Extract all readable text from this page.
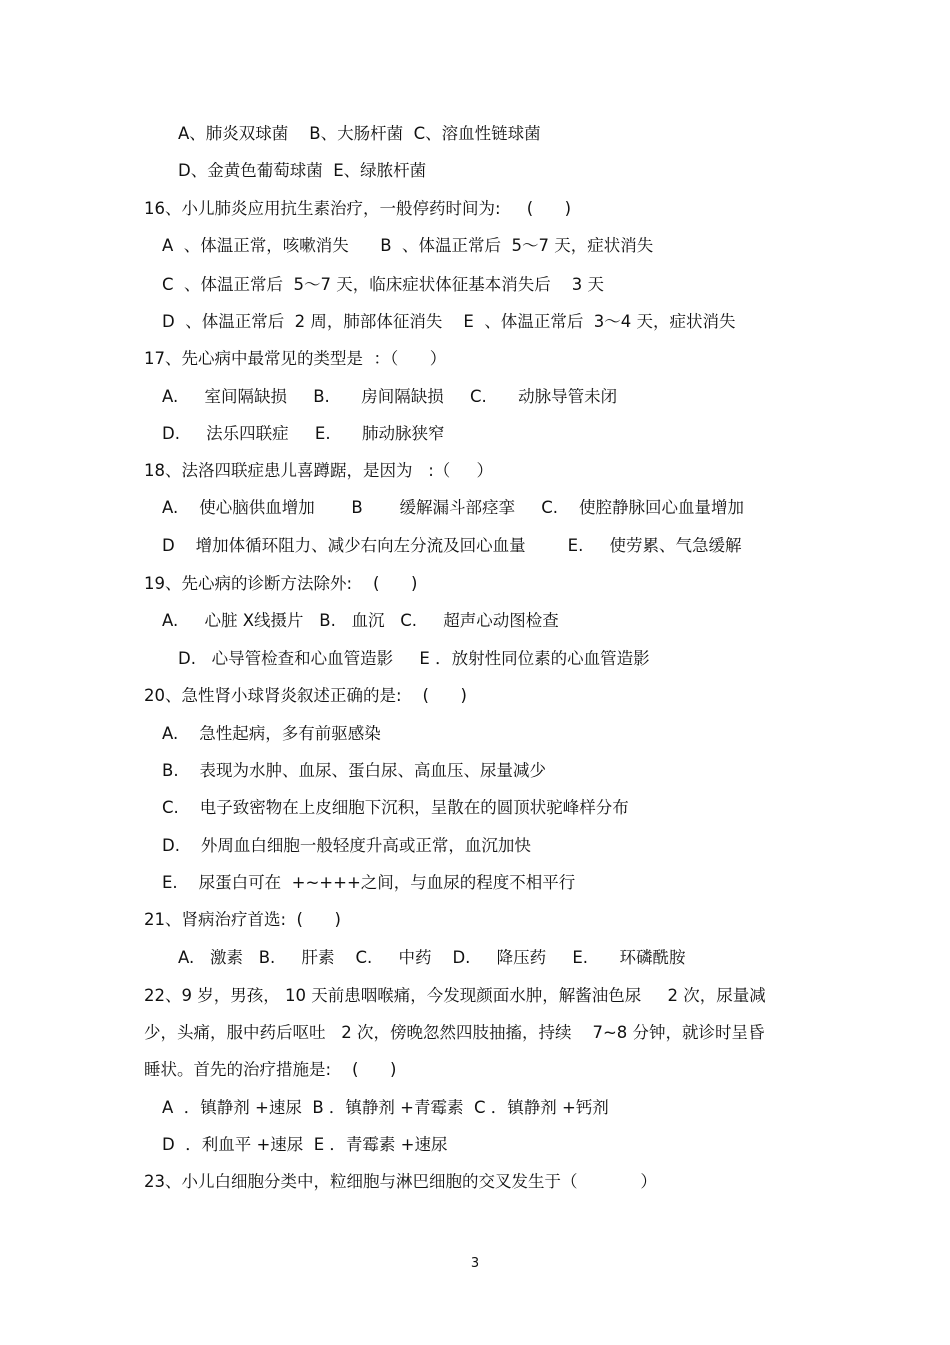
A、肺炎双球菌    B、大肠杆菌  C、溶血性链球菌
D、金黄色葡萄球菌  E、绿脓杆菌
16、小儿肺炎应用抗生素治疗，一般停药时间为:     (      )
A  、体温正常，咳嗽消失      B  、体温正常后  5～7 天，症状消失
C  、体温正常后  5～7 天，临床症状体征基本消失后    3 天
D  、体温正常后  2 周，肺部体征消失    E  、体温正常后  3～4 天，症状消失
17、先心病中最常见的类型是  ：（      ）
A.     室间隔缺损     B.      房间隔缺损     C.      动脉导管未闭
D.     法乐四联症     E.      肺动脉狭窄
18、法洛四联症患儿喜蹲踞，是因为   :（     ）
A.    使心脑供血增加       B       缓解漏斗部痉挛     C.    使腔静脉回心血量增加
D    增加体循环阻力、减少右向左分流及回心血量        E.     使劳累、气急缓解
19、先心病的诊断方法除外:    (      )
A.     心脏 X线摄片   B.   血沉   C.     超声心动图检查
D.   心导管检查和心血管造影     E ．放射性同位素的心血管造影
20、急性肾小球肾炎叙述正确的是:    (      )
A.    急性起病，多有前驱感染
B.    表现为水肿、血尿、蛋白尿、高血压、尿量减少
C.    电子致密物在上皮细胞下沉积，呈散在的圆顶状驼峰样分布
D.    外周血白细胞一般轻度升高或正常，血沉加快
E.    尿蛋白可在  +~+++之间，与血尿的程度不相平行
21、肾病治疗首选:  (      )
A.   激素   B.     肝素    C.     中药    D.     降压药     E.      环磷酰胺
22、9 岁，男孩， 10 天前患咽喉痛，今发现颜面水肿，解酱油色尿     2 次，尿量减
少，头痛，服中药后呕吐   2 次，傍晚忽然四肢抽搐，持续    7~8 分钟，就诊时呈昏
睡状。首先的治疗措施是:    (      )
A  ．镇静剂 +速尿  B ．镇静剂 +青霉素  C ．镇静剂 +钙剂
D  ．利血平 +速尿  E ．青霉素 +速尿
23、小儿白细胞分类中，粒细胞与淋巴细胞的交叉发生于（            ）
3
